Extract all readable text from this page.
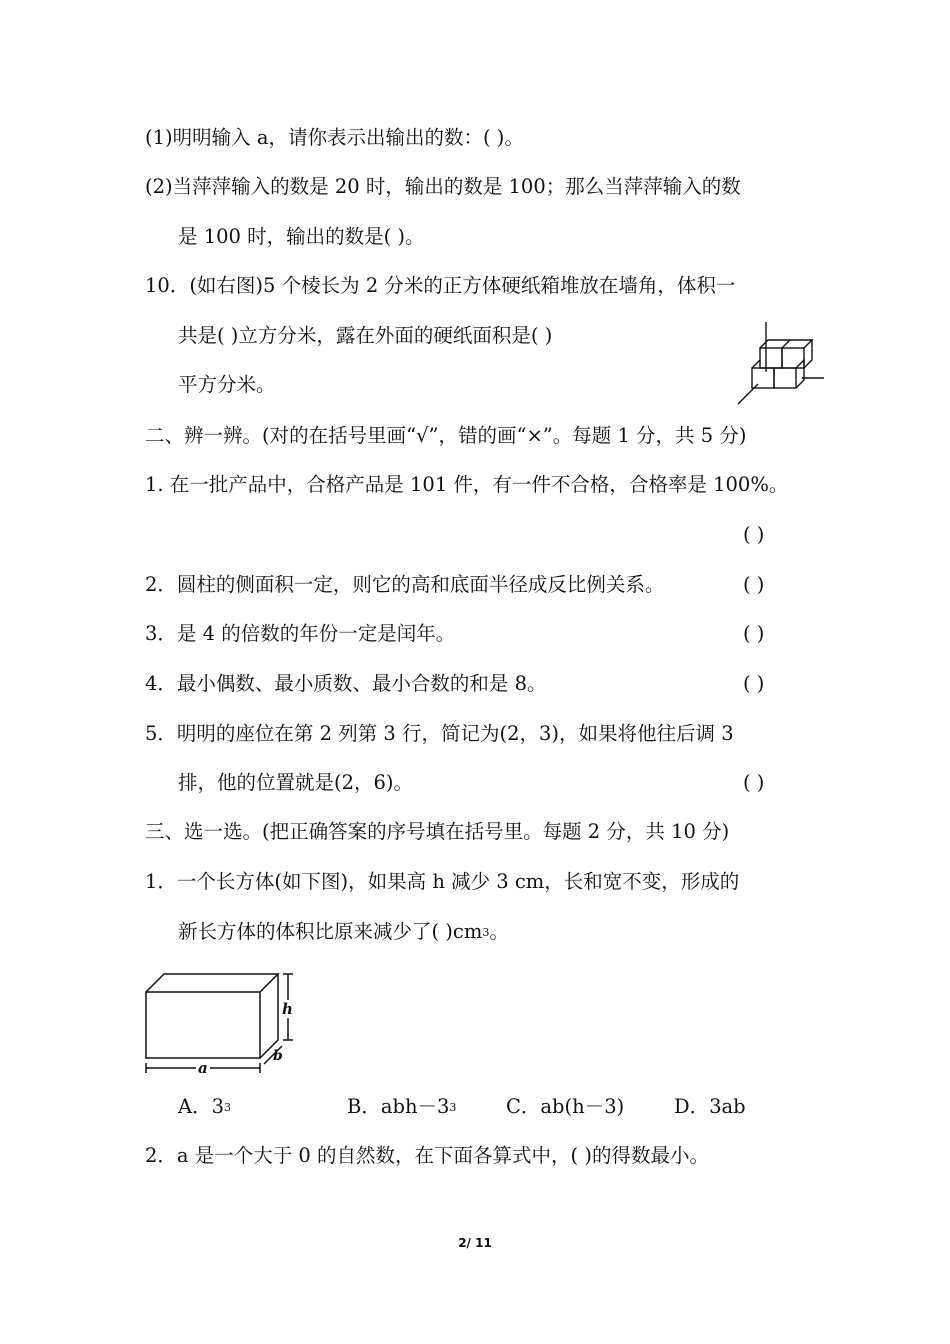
(1)明明输入 a，请你表示出输出的数：( )。
(2)当萍萍输入的数是 20 时，输出的数是 100；那么当萍萍输入的数
是 100 时，输出的数是( )。
10．(如右图)5 个棱长为 2 分米的正方体硬纸箱堆放在墙角，体积一
共是( )立方分米，露在外面的硬纸面积是( )
平方分米。
二、辨一辨。(对的在括号里画“√”，错的画“×”。每题 1 分，共 5 分)
1. 在一批产品中，合格产品是 101 件，有一件不合格，合格率是 100%。
( )
2．圆柱的侧面积一定，则它的高和底面半径成反比例关系。	( )
3．是 4 的倍数的年份一定是闰年。	( )
4．最小偶数、最小质数、最小合数的和是 8。	( )
5．明明的座位在第 2 列第 3 行，简记为(2，3)，如果将他往后调 3
排，他的位置就是(2，6)。	( )
三、选一选。(把正确答案的序号填在括号里。每题 2 分，共 10 分)
1．一个长方体(如下图)，如果高 h 减少 3 cm，长和宽不变，形成的
新长方体的体积比原来减少了( )$cm^3$。
h
a
b
A．$3^3$	B．$abh-3^3$	C．ab(h－3)	D．3ab
2．a 是一个大于 0 的自然数，在下面各算式中，( )的得数最小。
2/ 11
